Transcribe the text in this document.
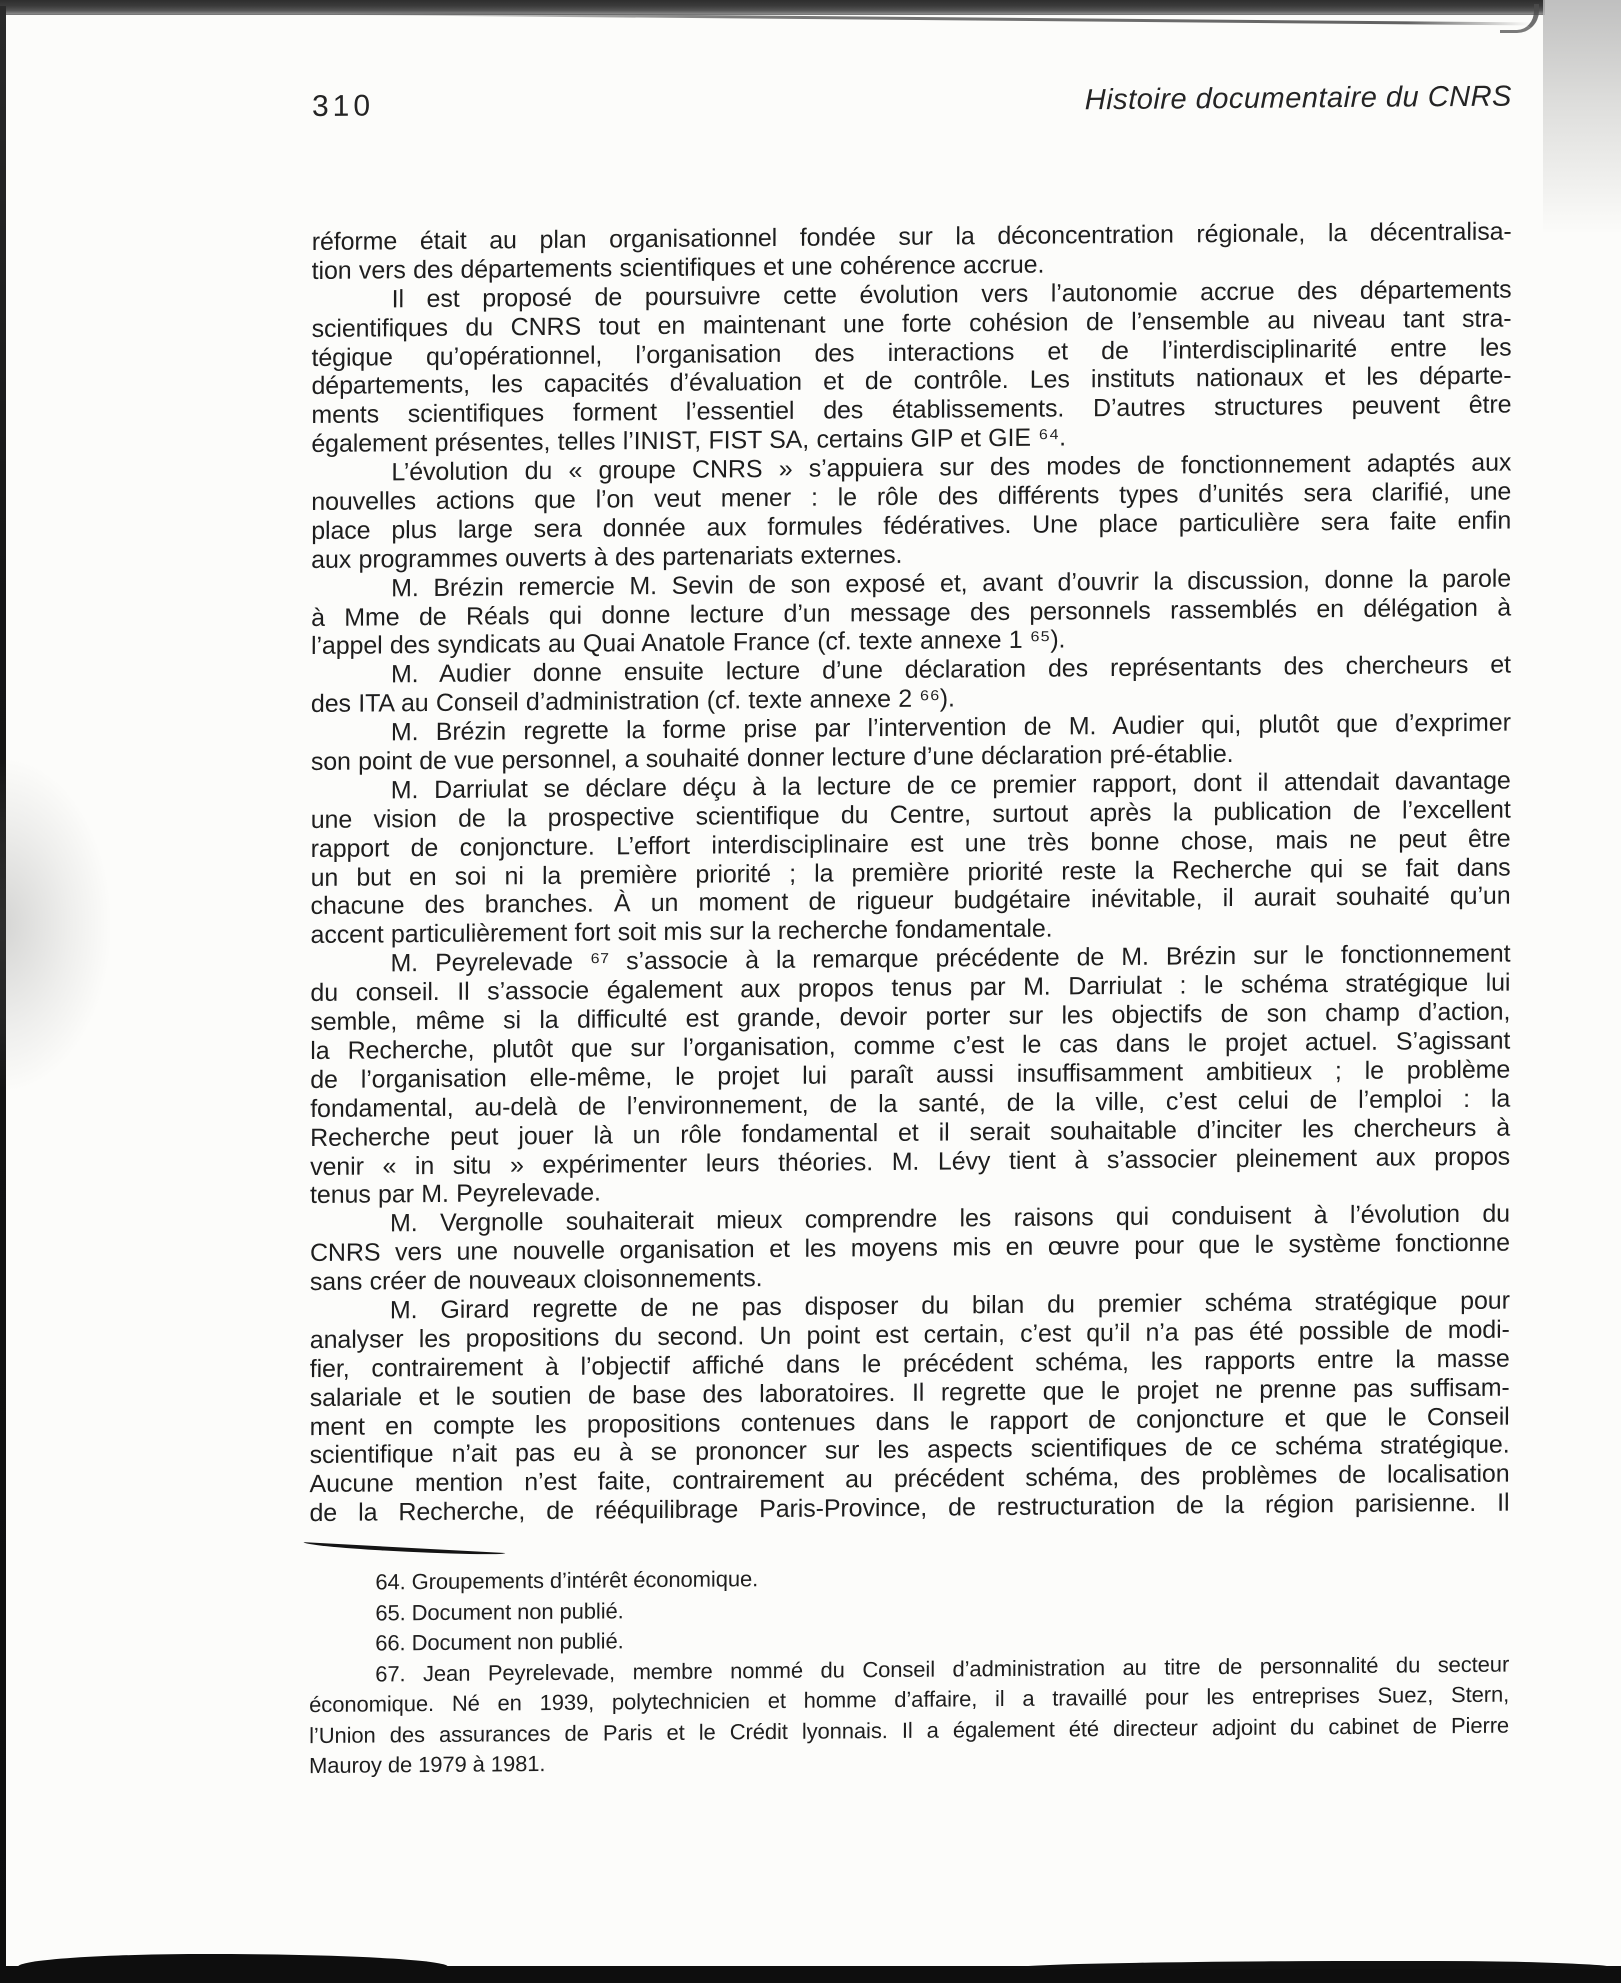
310	Histoire documentaire du CNRS
réforme était au plan organisationnel fondée sur la déconcentration régionale, la décentralisa-
tion vers des départements scientifiques et une cohérence accrue.
Il est proposé de poursuivre cette évolution vers l’autonomie accrue des départements
scientifiques du CNRS tout en maintenant une forte cohésion de l’ensemble au niveau tant stra-
tégique qu’opérationnel, l’organisation des interactions et de l’interdisciplinarité entre les
départements, les capacités d’évaluation et de contrôle. Les instituts nationaux et les départe-
ments scientifiques forment l’essentiel des établissements. D’autres structures peuvent être
également présentes, telles l’INIST, FIST SA, certains GIP et GIE ⁶⁴.
L’évolution du « groupe CNRS » s’appuiera sur des modes de fonctionnement adaptés aux
nouvelles actions que l’on veut mener : le rôle des différents types d’unités sera clarifié, une
place plus large sera donnée aux formules fédératives. Une place particulière sera faite enfin
aux programmes ouverts à des partenariats externes.
M. Brézin remercie M. Sevin de son exposé et, avant d’ouvrir la discussion, donne la parole
à Mme de Réals qui donne lecture d’un message des personnels rassemblés en délégation à
l’appel des syndicats au Quai Anatole France (cf. texte annexe 1 ⁶⁵).
M. Audier donne ensuite lecture d’une déclaration des représentants des chercheurs et
des ITA au Conseil d’administration (cf. texte annexe 2 ⁶⁶).
M. Brézin regrette la forme prise par l’intervention de M. Audier qui, plutôt que d’exprimer
son point de vue personnel, a souhaité donner lecture d’une déclaration pré-établie.
M. Darriulat se déclare déçu à la lecture de ce premier rapport, dont il attendait davantage
une vision de la prospective scientifique du Centre, surtout après la publication de l’excellent
rapport de conjoncture. L’effort interdisciplinaire est une très bonne chose, mais ne peut être
un but en soi ni la première priorité ; la première priorité reste la Recherche qui se fait dans
chacune des branches. À un moment de rigueur budgétaire inévitable, il aurait souhaité qu’un
accent particulièrement fort soit mis sur la recherche fondamentale.
M. Peyrelevade ⁶⁷ s’associe à la remarque précédente de M. Brézin sur le fonctionnement
du conseil. Il s’associe également aux propos tenus par M. Darriulat : le schéma stratégique lui
semble, même si la difficulté est grande, devoir porter sur les objectifs de son champ d’action,
la Recherche, plutôt que sur l’organisation, comme c’est le cas dans le projet actuel. S’agissant
de l’organisation elle-même, le projet lui paraît aussi insuffisamment ambitieux ; le problème
fondamental, au-delà de l’environnement, de la santé, de la ville, c’est celui de l’emploi : la
Recherche peut jouer là un rôle fondamental et il serait souhaitable d’inciter les chercheurs à
venir « in situ » expérimenter leurs théories. M. Lévy tient à s’associer pleinement aux propos
tenus par M. Peyrelevade.
M. Vergnolle souhaiterait mieux comprendre les raisons qui conduisent à l’évolution du
CNRS vers une nouvelle organisation et les moyens mis en œuvre pour que le système fonctionne
sans créer de nouveaux cloisonnements.
M. Girard regrette de ne pas disposer du bilan du premier schéma stratégique pour
analyser les propositions du second. Un point est certain, c’est qu’il n’a pas été possible de modi-
fier, contrairement à l’objectif affiché dans le précédent schéma, les rapports entre la masse
salariale et le soutien de base des laboratoires. Il regrette que le projet ne prenne pas suffisam-
ment en compte les propositions contenues dans le rapport de conjoncture et que le Conseil
scientifique n’ait pas eu à se prononcer sur les aspects scientifiques de ce schéma stratégique.
Aucune mention n’est faite, contrairement au précédent schéma, des problèmes de localisation
de la Recherche, de rééquilibrage Paris-Province, de restructuration de la région parisienne. Il
64. Groupements d’intérêt économique.
65. Document non publié.
66. Document non publié.
67. Jean Peyrelevade, membre nommé du Conseil d’administration au titre de personnalité du secteur
économique. Né en 1939, polytechnicien et homme d’affaire, il a travaillé pour les entreprises Suez, Stern,
l’Union des assurances de Paris et le Crédit lyonnais. Il a également été directeur adjoint du cabinet de Pierre
Mauroy de 1979 à 1981.
